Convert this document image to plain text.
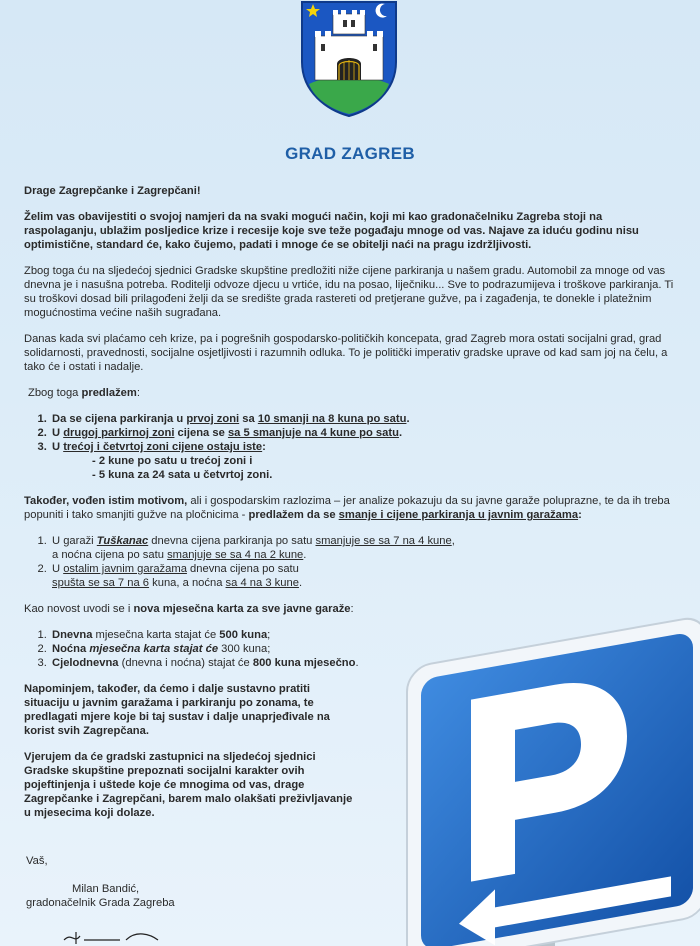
GRAD ZAGREB

Drage Zagrepčanke i Zagrepčani!

Želim vas obavijestiti o svojoj namjeri da na svaki mogući način, koji mi kao gradonačelniku Zagreba stoji na raspolaganju, ublažim posljedice krize i recesije koje sve teže pogađaju mnoge od vas. Najave za iduću godinu nisu optimistične, standard će, kako čujemo, padati i mnoge će se obitelji naći na pragu izdržljivosti.

Zbog toga ću na sljedećoj sjednici Gradske skupštine predložiti niže cijene parkiranja u našem gradu. Automobil za mnoge od vas dnevna je i nasušna potreba. Roditelji odvoze djecu u vrtiće, idu na posao, liječniku... Sve to podrazumijeva i troškove parkiranja. Ti su troškovi dosad bili prilagođeni želji da se središte grada rastereti od pretjerane gužve, pa i zagađenja, te donekle i platežnim mogućnostima većine naših sugrađana.

Danas kada svi plaćamo ceh krize, pa i pogrešnih gospodarsko-političkih koncepata, grad Zagreb mora ostati socijalni grad, grad solidarnosti, pravednosti, socijalne osjetljivosti i razumnih odluka. To je politički imperativ gradske uprave od kad sam joj na čelu, a tako će i ostati i nadalje.

Zbog toga predlažem:

1. Da se cijena parkiranja u prvoj zoni sa 10 smanji na 8 kuna po satu.
2. U drugoj parkirnoj zoni cijena se sa 5 smanjuje na 4 kune po satu.
3. U trećoj i četvrtoj zoni cijene ostaju iste:
- 2 kune po satu u trećoj zoni i
- 5 kuna za 24 sata u četvrtoj zoni.

Također, vođen istim motivom, ali i gospodarskim razlozima – jer analize pokazuju da su javne garaže poluprazne, te da ih treba popuniti i tako smanjiti gužve na pločnicima - predlažem da se smanje i cijene parkiranja u javnim garažama:

1. U garaži Tuškanac dnevna cijena parkiranja po satu smanjuje se sa 7 na 4 kune,
a noćna cijena po satu smanjuje se sa 4 na 2 kune.
2. U ostalim javnim garažama dnevna cijena po satu
spušta se sa 7 na 6 kuna, a noćna sa 4 na 3 kune.

Kao novost uvodi se i nova mjesečna karta za sve javne garaže:

1. Dnevna mjesečna karta stajat će 500 kuna;
2. Noćna mjesečna karta stajat će 300 kuna;
3. Cjelodnevna (dnevna i noćna) stajat će 800 kuna mjesečno.

Napominjem, također, da ćemo i dalje sustavno pratiti situaciju u javnim garažama i parkiranju po zonama, te predlagati mjere koje bi taj sustav i dalje unaprjeđivale na korist svih Zagrepčana.

Vjerujem da će gradski zastupnici na sljedećoj sjednici Gradske skupštine prepoznati socijalni karakter ovih pojeftinjenja i uštede koje će mnogima od vas, drage Zagrepčanke i Zagrepčani, barem malo olakšati preživljavanje u mjesecima koji dolaze.

Vaš,

Milan Bandić,
gradonačelnik Grada Zagreba
